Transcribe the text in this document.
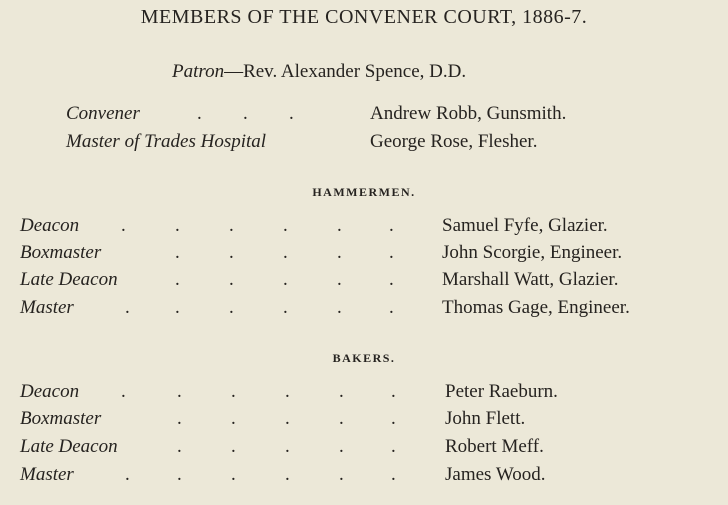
MEMBERS OF THE CONVENER COURT, 1886-7.
Patron—Rev. Alexander Spence, D.D.
Convener	. . .	Andrew Robb, Gunsmith.
Master of Trades Hospital	George Rose, Flesher.
HAMMERMEN.
Deacon .	.	.	.	. .	Samuel Fyfe, Glazier.
Boxmaster	.	.	.	. .	John Scorgie, Engineer.
Late Deacon	.	.	.	. .	Marshall Watt, Glazier.
Master	. .	.	.	. .	Thomas Gage, Engineer.
BAKERS.
Deacon .	.	.	.	. .	Peter Raeburn.
Boxmaster	.	.	.	. .	John Flett.
Late Deacon	.	.	.	. .	Robert Meff.
Master	. .	.	.	. .	James Wood.
